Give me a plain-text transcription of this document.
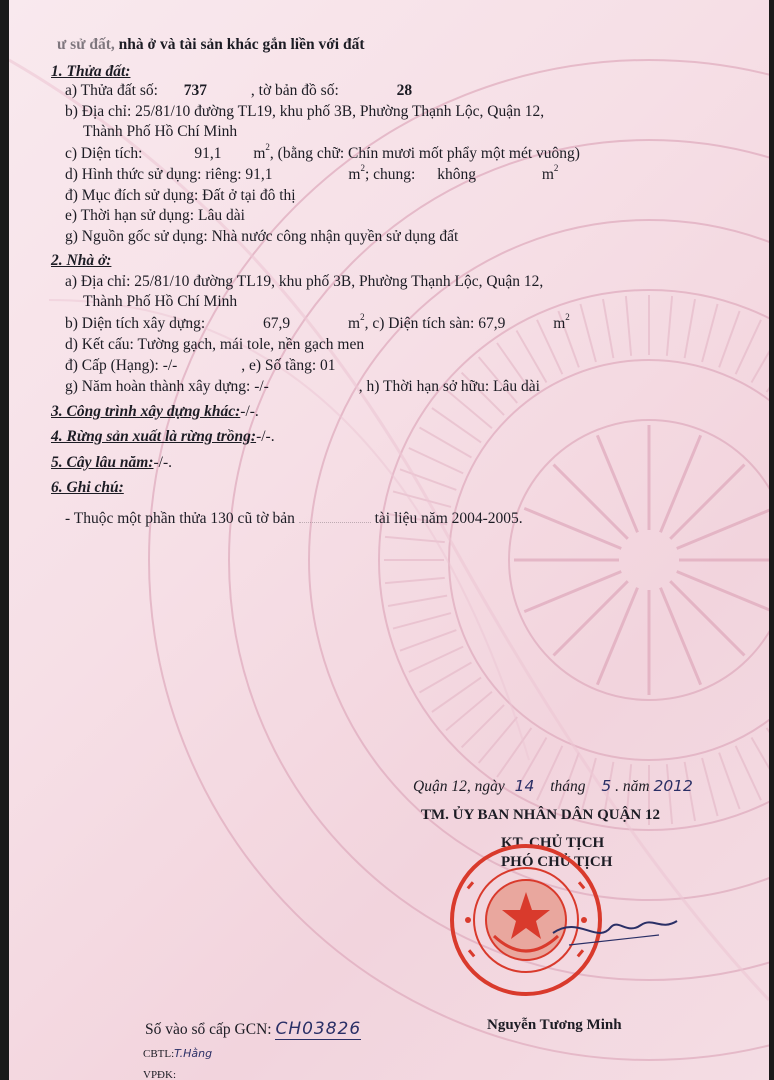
ư sử đất, nhà ở và tài sản khác gắn liền với đất
1. Thửa đất:
a) Thửa đất số: 737	, tờ bản đồ số:	28
b) Địa chỉ: 25/81/10 đường TL19, khu phố 3B, Phường Thạnh Lộc, Quận 12,
Thành Phố Hồ Chí Minh
c) Diện tích:	91,1 $m^2$, (bằng chữ: Chín mươi mốt phẩy một mét vuông)
d) Hình thức sử dụng: riêng: 91,1	$m^2$; chung: không	$m^2$
đ) Mục đích sử dụng: Đất ở tại đô thị
e) Thời hạn sử dụng: Lâu dài
g) Nguồn gốc sử dụng: Nhà nước công nhận quyền sử dụng đất
2. Nhà ở:
a) Địa chỉ: 25/81/10 đường TL19, khu phố 3B, Phường Thạnh Lộc, Quận 12,
Thành Phố Hồ Chí Minh
b) Diện tích xây dựng:	67,9	$m^2$, c) Diện tích sàn: 67,9	$m^2$
d) Kết cấu: Tường gạch, mái tole, nền gạch men
đ) Cấp (Hạng): -/-	, e) Số tầng: 01
g) Năm hoàn thành xây dựng: -/-	, h) Thời hạn sở hữu: Lâu dài
3. Công trình xây dựng khác:-/-.
4. Rừng sản xuất là rừng trồng:-/-.
5. Cây lâu năm:-/-.
6. Ghi chú:
- Thuộc một phần thửa 130 cũ tờ bản	tài liệu năm 2004-2005.
Quận 12, ngày 14 tháng 5 . năm 2012
TM. ỦY BAN NHÂN DÂN QUẬN 12
KT. CHỦ TỊCH
PHÓ CHỦ TỊCH
Nguyễn Tương Minh
Số vào sổ cấp GCN: CH03826
CBTL:T.Hằng
VPĐK:
